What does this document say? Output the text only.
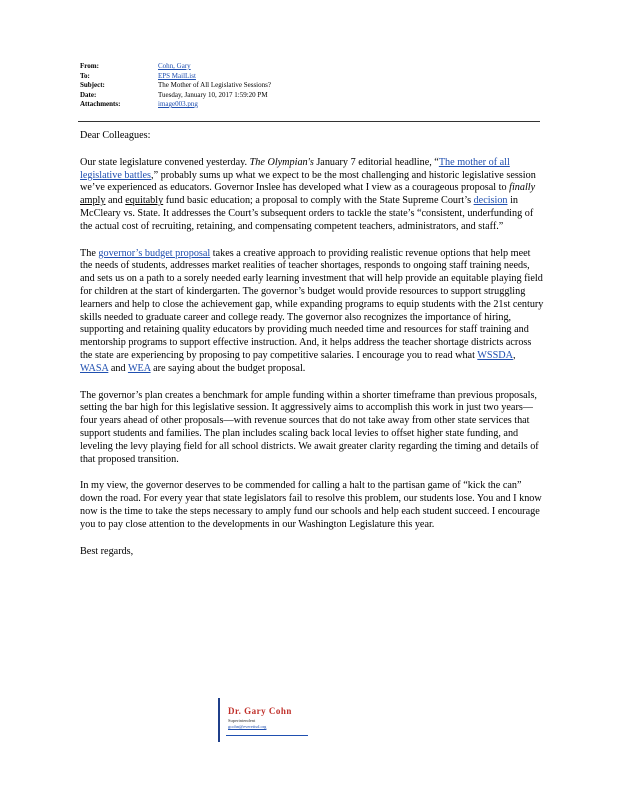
From:	Cohn, Gary
To:	EPS MailList
Subject:	The Mother of All Legislative Sessions?
Date:	Tuesday, January 10, 2017 1:59:20 PM
Attachments:	image003.png

Dear Colleagues:

Our state legislature convened yesterday. The Olympian's January 7 editorial headline, “The mother of all legislative battles,” probably sums up what we expect to be the most challenging and historic legislative session we’ve experienced as educators. Governor Inslee has developed what I view as a courageous proposal to finally amply and equitably fund basic education; a proposal to comply with the State Supreme Court’s decision in McCleary vs. State. It addresses the Court’s subsequent orders to tackle the state’s “consistent, underfunding of the actual cost of recruiting, retaining, and compensating competent teachers, administrators, and staff.”

The governor’s budget proposal takes a creative approach to providing realistic revenue options that help meet the needs of students, addresses market realities of teacher shortages, responds to ongoing staff training needs, and sets us on a path to a sorely needed early learning investment that will help provide an equitable playing field for children at the start of kindergarten. The governor’s budget would provide resources to support struggling learners and help to close the achievement gap, while expanding programs to equip students with the 21st century skills needed to graduate career and college ready. The governor also recognizes the importance of hiring, supporting and retaining quality educators by providing much needed time and resources for staff training and mentorship programs to support effective instruction. And, it helps address the teacher shortage districts across the state are experiencing by proposing to pay competitive salaries. I encourage you to read what WSSDA, WASA and WEA are saying about the budget proposal.

The governor’s plan creates a benchmark for ample funding within a shorter timeframe than previous proposals, setting the bar high for this legislative session. It aggressively aims to accomplish this work in just two years—four years ahead of other proposals—with revenue sources that do not take away from other state services that support students and families. The plan includes scaling back local levies to offset higher state funding, and leveling the levy playing field for all school districts. We await greater clarity regarding the timing and details of that proposed transition.

In my view, the governor deserves to be commended for calling a halt to the partisan game of “kick the can” down the road. For every year that state legislators fail to resolve this problem, our students lose. You and I know now is the time to take the steps necessary to amply fund our schools and help each student succeed. I encourage you to pay close attention to the developments in our Washington Legislature this year.

Best regards,

Dr. Gary Cohn
Superintendent
gcohn@everettsd.org
